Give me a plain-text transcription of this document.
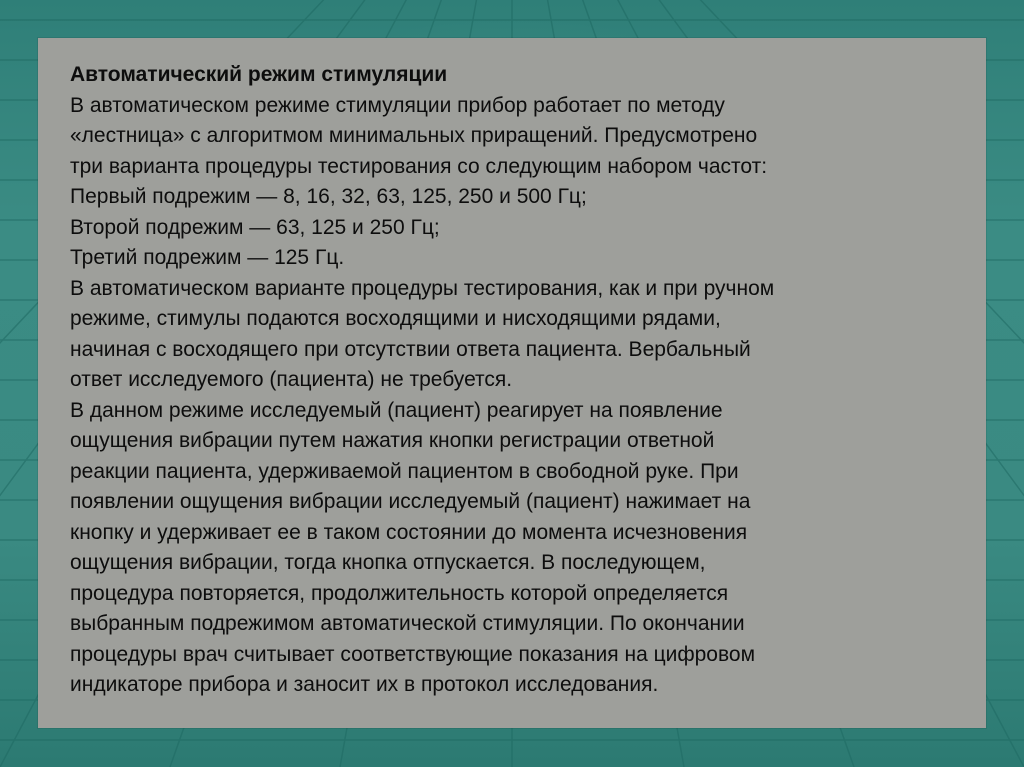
Автоматический режим стимуляции

В автоматическом режиме стимуляции прибор работает по методу

«лестница» с алгоритмом минимальных приращений. Предусмотрено

три варианта процедуры тестирования со следующим набором частот:

Первый подрежим — 8, 16, 32, 63, 125, 250 и 500 Гц;

Второй подрежим — 63, 125 и 250 Гц;

Третий подрежим — 125 Гц.

В автоматическом варианте процедуры тестирования, как и при ручном

режиме, стимулы подаются восходящими и нисходящими рядами,

начиная с восходящего при отсутствии ответа пациента. Вербальный

ответ исследуемого (пациента) не требуется.

В данном режиме исследуемый (пациент) реагирует на появление

ощущения вибрации путем нажатия кнопки регистрации ответной

реакции пациента, удерживаемой пациентом в свободной руке. При

появлении ощущения вибрации исследуемый (пациент) нажимает на

кнопку и удерживает ее в таком состоянии до момента исчезновения

ощущения вибрации, тогда кнопка отпускается. В последующем,

процедура повторяется, продолжительность которой определяется

выбранным подрежимом автоматической стимуляции. По окончании

процедуры врач считывает соответствующие показания на цифровом

индикаторе прибора и заносит их в протокол исследования.
